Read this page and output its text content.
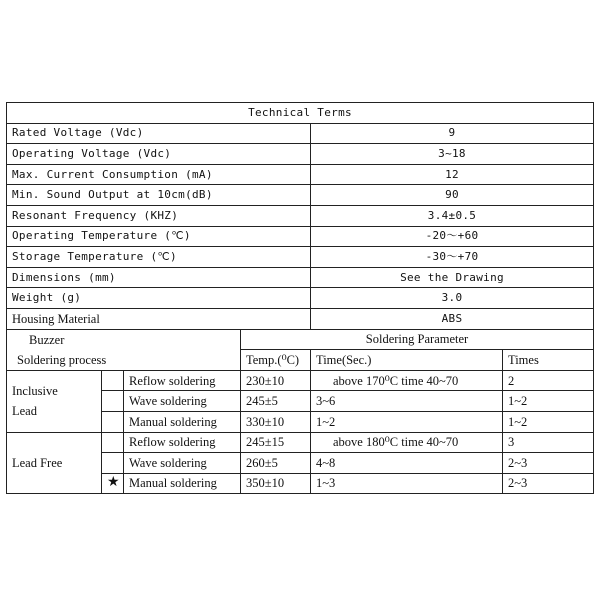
Technical Terms					
Rated Voltage (Vdc)				9	
Operating Voltage (Vdc)				3~18	
Max. Current Consumption (mA)				12	
Min. Sound Output at 10cm(dB)				90	
Resonant Frequency (KHZ)				3.4±0.5	
Operating Temperature (℃)				-20〜+60	
Storage Temperature (℃)				-30〜+70	
Dimensions (mm)				See the Drawing	
Weight (g)				3.0	
Housing Material				ABS	
Buzzer			Soldering Parameter		
Soldering process			Temp.(⁰C)	Time(Sec.)	Times
Inclusive
Lead		Reflow soldering	230±10	above 170⁰C time 40~70	2
		Wave soldering	245±5	3~6	1~2
		Manual soldering	330±10	1~2	1~2
Lead Free		Reflow soldering	245±15	above 180⁰C time 40~70	3
		Wave soldering	260±5	4~8	2~3
	★	Manual soldering	350±10	1~3	2~3
